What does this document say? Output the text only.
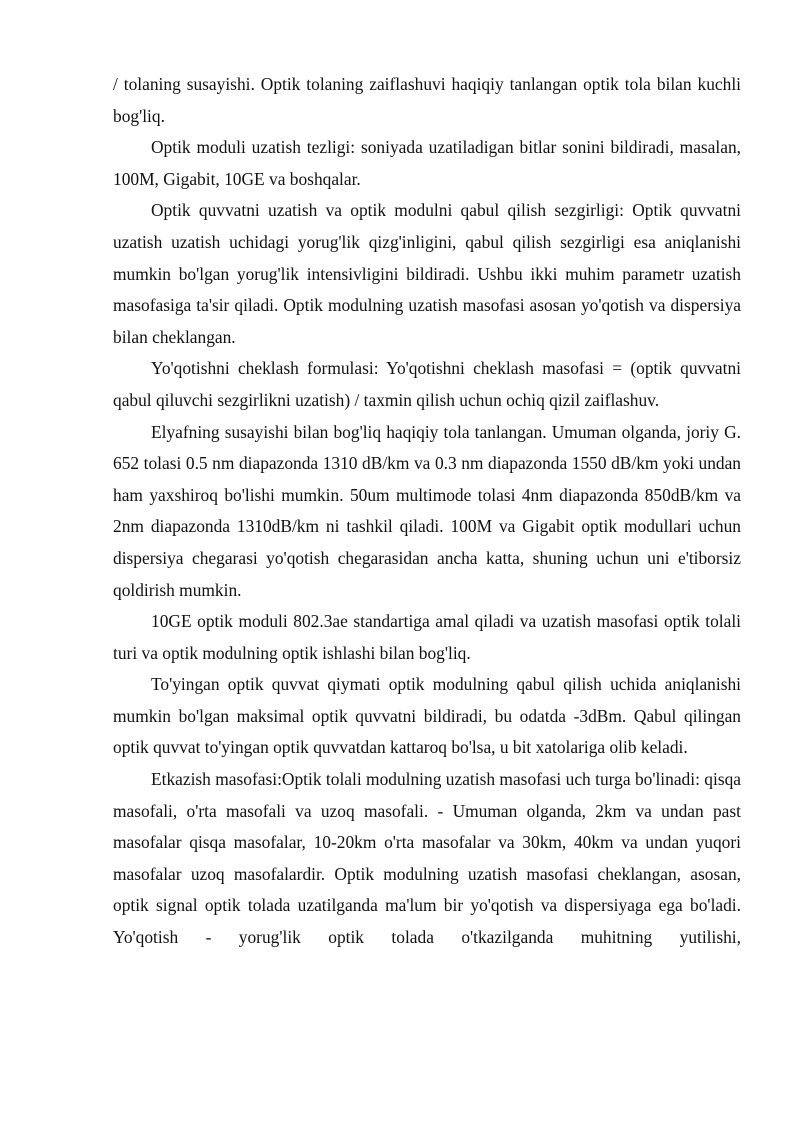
/ tolaning susayishi. Optik tolaning zaiflashuvi haqiqiy tanlangan optik tola bilan kuchli bog'liq.

Optik moduli uzatish tezligi: soniyada uzatiladigan bitlar sonini bildiradi, masalan, 100M, Gigabit, 10GE va boshqalar.

Optik quvvatni uzatish va optik modulni qabul qilish sezgirligi: Optik quvvatni uzatish uzatish uchidagi yorug'lik qizg'inligini, qabul qilish sezgirligi esa aniqlanishi mumkin bo'lgan yorug'lik intensivligini bildiradi. Ushbu ikki muhim parametr uzatish masofasiga ta'sir qiladi. Optik modulning uzatish masofasi asosan yo'qotish va dispersiya bilan cheklangan.

Yo'qotishni cheklash formulasi: Yo'qotishni cheklash masofasi = (optik quvvatni qabul qiluvchi sezgirlikni uzatish) / taxmin qilish uchun ochiq qizil zaiflashuv.

Elyafning susayishi bilan bog'liq haqiqiy tola tanlangan. Umuman olganda, joriy G. 652 tolasi 0.5 nm diapazonda 1310 dB/km va 0.3 nm diapazonda 1550 dB/km yoki undan ham yaxshiroq bo'lishi mumkin. 50um multimode tolasi 4nm diapazonda 850dB/km va 2nm diapazonda 1310dB/km ni tashkil qiladi. 100M va Gigabit optik modullari uchun dispersiya chegarasi yo'qotish chegarasidan ancha katta, shuning uchun uni e'tiborsiz qoldirish mumkin.

10GE optik moduli 802.3ae standartiga amal qiladi va uzatish masofasi optik tolali turi va optik modulning optik ishlashi bilan bog'liq.

To'yingan optik quvvat qiymati optik modulning qabul qilish uchida aniqlanishi mumkin bo'lgan maksimal optik quvvatni bildiradi, bu odatda -3dBm. Qabul qilingan optik quvvat to'yingan optik quvvatdan kattaroq bo'lsa, u bit xatolariga olib keladi.

Etkazish masofasi:Optik tolali modulning uzatish masofasi uch turga bo'linadi: qisqa masofali, o'rta masofali va uzoq masofali. - Umuman olganda, 2km va undan past masofalar qisqa masofalar, 10-20km o'rta masofalar va 30km, 40km va undan yuqori masofalar uzoq masofalardir. Optik modulning uzatish masofasi cheklangan, asosan, optik signal optik tolada uzatilganda ma'lum bir yo'qotish va dispersiyaga ega bo'ladi. Yo'qotish - yorug'lik optik tolada o'tkazilganda muhitning yutilishi,
